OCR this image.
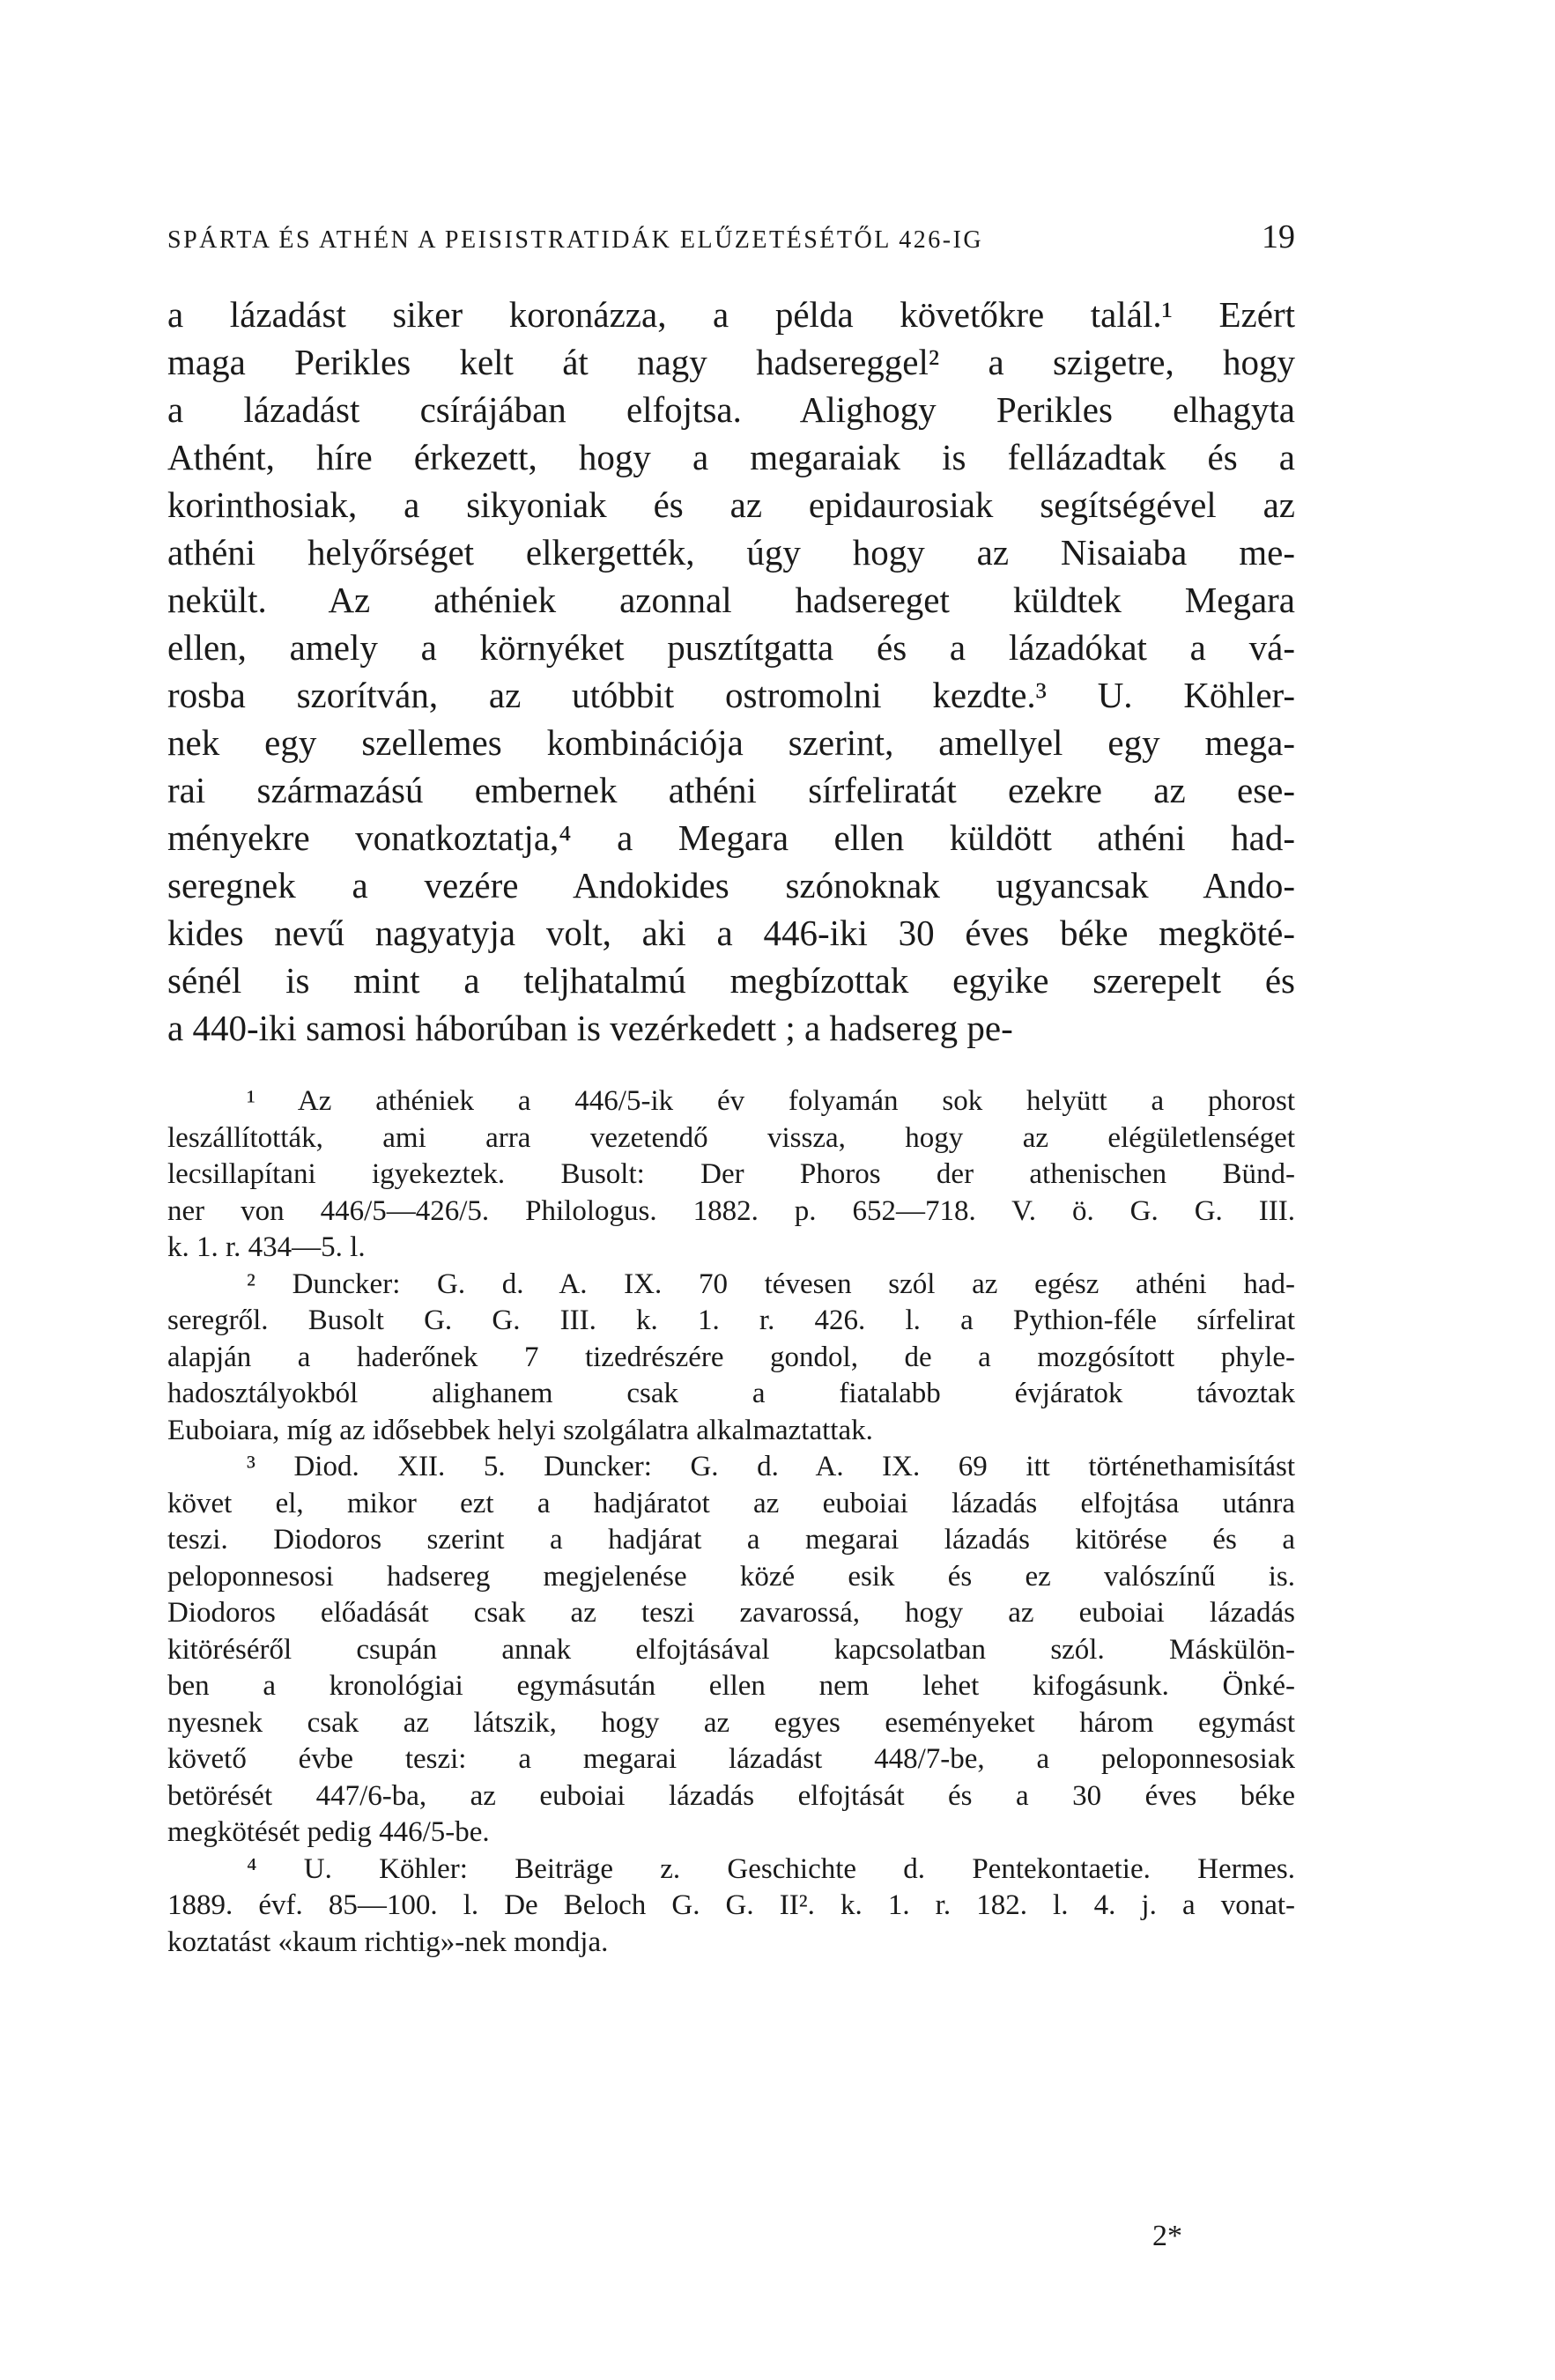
SPÁRTA ÉS ATHÉN A PEISISTRATIDÁK ELŰZETÉSÉTŐL 426-IG	19

a lázadást siker koronázza, a példa követőkre talál.¹ Ezért
maga Perikles kelt át nagy hadsereggel² a szigetre, hogy
a lázadást csírájában elfojtsa. Alighogy Perikles elhagyta
Athént, híre érkezett, hogy a megaraiak is fellázadtak és a
korinthosiak, a sikyoniak és az epidaurosiak segítségével az
athéni helyőrséget elkergették, úgy hogy az Nisaiaba me-
nekült. Az athéniek azonnal hadsereget küldtek Megara
ellen, amely a környéket pusztítgatta és a lázadókat a vá-
rosba szorítván, az utóbbit ostromolni kezdte.³ U. Köhler-
nek egy szellemes kombinációja szerint, amellyel egy mega-
rai származású embernek athéni sírfeliratát ezekre az ese-
ményekre vonatkoztatja,⁴ a Megara ellen küldött athéni had-
seregnek a vezére Andokides szónoknak ugyancsak Ando-
kides nevű nagyatyja volt, aki a 446-iki 30 éves béke megköté-
sénél is mint a teljhatalmú megbízottak egyike szerepelt és
a 440-iki samosi háborúban is vezérkedett ; a hadsereg pe-

¹ Az athéniek a 446/5-ik év folyamán sok helyütt a phorost
leszállították, ami arra vezetendő vissza, hogy az elégületlenséget
lecsillapítani igyekeztek. Busolt: Der Phoros der athenischen Bünd-
ner von 446/5—426/5. Philologus. 1882. p. 652—718. V. ö. G. G. III.
k. 1. r. 434—5. l.
² Duncker: G. d. A. IX. 70 tévesen szól az egész athéni had-
seregről. Busolt G. G. III. k. 1. r. 426. l. a Pythion-féle sírfelirat
alapján a haderőnek 7 tizedrészére gondol, de a mozgósított phyle-
hadosztályokból alighanem csak a fiatalabb évjáratok távoztak
Euboiara, míg az idősebbek helyi szolgálatra alkalmaztattak.
³ Diod. XII. 5. Duncker: G. d. A. IX. 69 itt történethamisítást
követ el, mikor ezt a hadjáratot az euboiai lázadás elfojtása utánra
teszi. Diodoros szerint a hadjárat a megarai lázadás kitörése és a
peloponnesosi hadsereg megjelenése közé esik és ez valószínű is.
Diodoros előadását csak az teszi zavarossá, hogy az euboiai lázadás
kitöréséről csupán annak elfojtásával kapcsolatban szól. Máskülön-
ben a kronológiai egymásután ellen nem lehet kifogásunk. Önké-
nyesnek csak az látszik, hogy az egyes eseményeket három egymást
követő évbe teszi: a megarai lázadást 448/7-be, a peloponnesosiak
betörését 447/6-ba, az euboiai lázadás elfojtását és a 30 éves béke
megkötését pedig 446/5-be.
⁴ U. Köhler: Beiträge z. Geschichte d. Pentekontaetie. Hermes.
1889. évf. 85—100. l. De Beloch G. G. II². k. 1. r. 182. l. 4. j. a vonat-
koztatást «kaum richtig»-nek mondja.
2*
